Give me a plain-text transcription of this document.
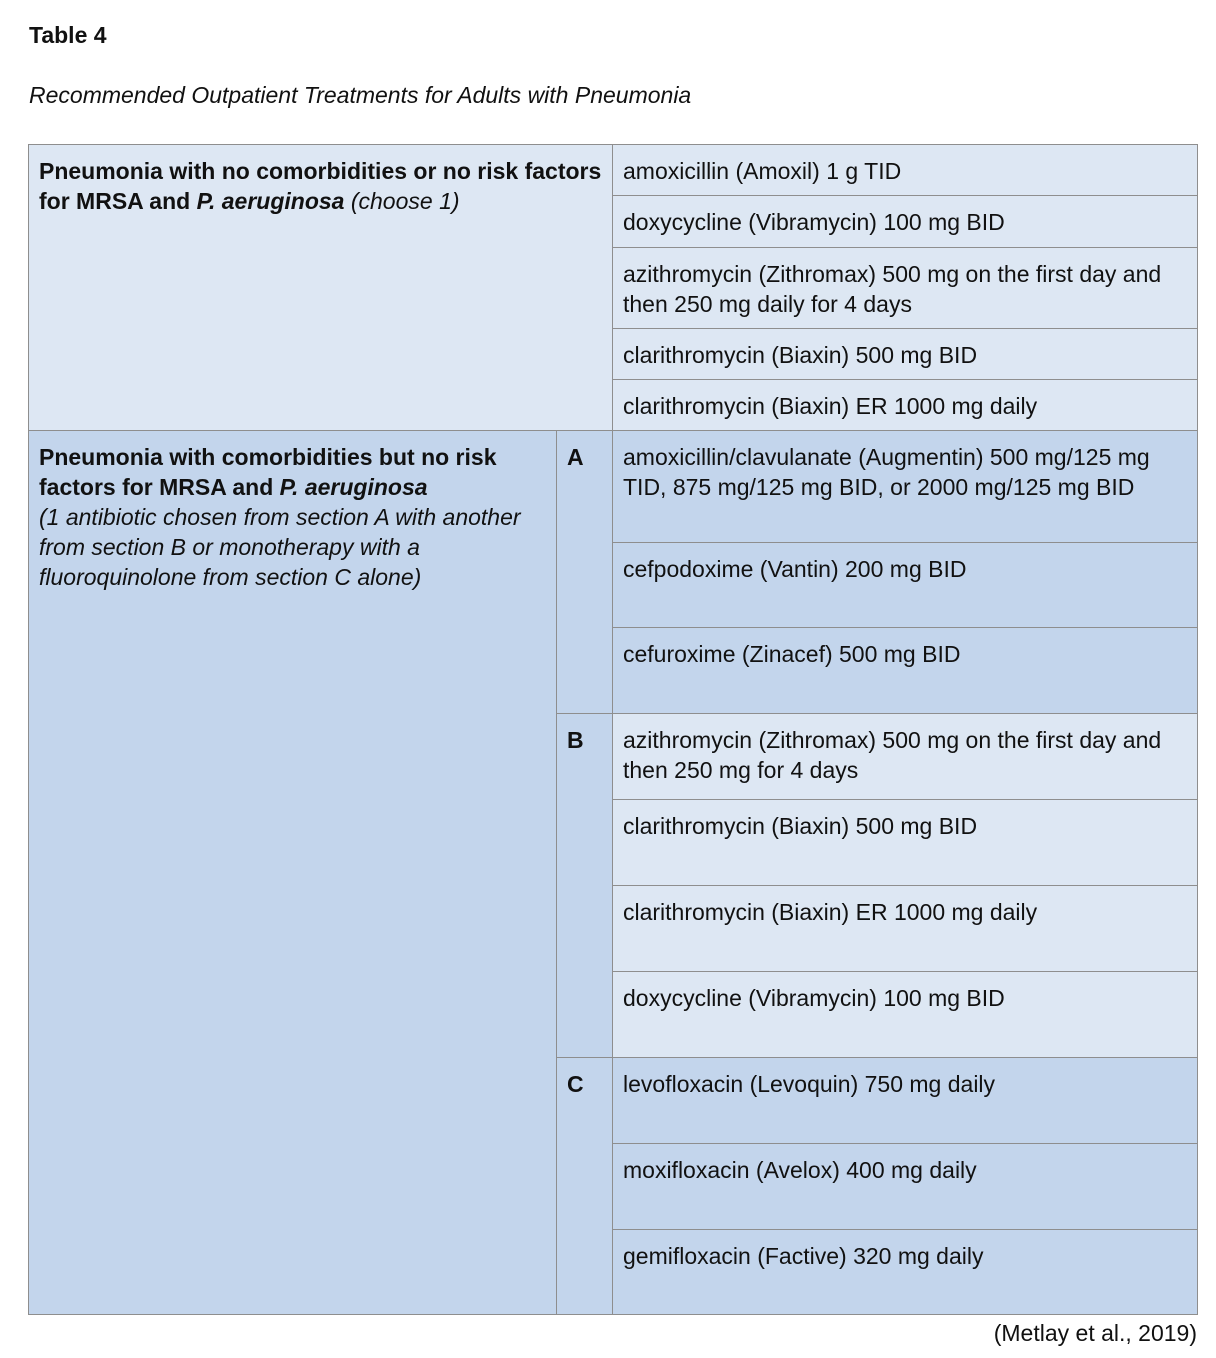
Table 4

Recommended Outpatient Treatments for Adults with Pneumonia

Pneumonia with no comorbidities or no risk factors for MRSA and P. aeruginosa (choose 1)		amoxicillin (Amoxil) 1 g TID
		doxycycline (Vibramycin) 100 mg BID
		azithromycin (Zithromax) 500 mg on the first day and then 250 mg daily for 4 days
		clarithromycin (Biaxin) 500 mg BID
		clarithromycin (Biaxin) ER 1000 mg daily
Pneumonia with comorbidities but no risk factors for MRSA and P. aeruginosa
(1 antibiotic chosen from section A with another from section B or monotherapy with a fluoroquinolone from section C alone)	A	amoxicillin/clavulanate (Augmentin) 500 mg/125 mg TID, 875 mg/125 mg BID, or 2000 mg/125 mg BID
		cefpodoxime (Vantin) 200 mg BID
		cefuroxime (Zinacef) 500 mg BID
	B	azithromycin (Zithromax) 500 mg on the first day and then 250 mg for 4 days
		clarithromycin (Biaxin) 500 mg BID
		clarithromycin (Biaxin) ER 1000 mg daily
		doxycycline (Vibramycin) 100 mg BID
	C	levofloxacin (Levoquin) 750 mg daily
		moxifloxacin (Avelox) 400 mg daily
		gemifloxacin (Factive) 320 mg daily

(Metlay et al., 2019)
